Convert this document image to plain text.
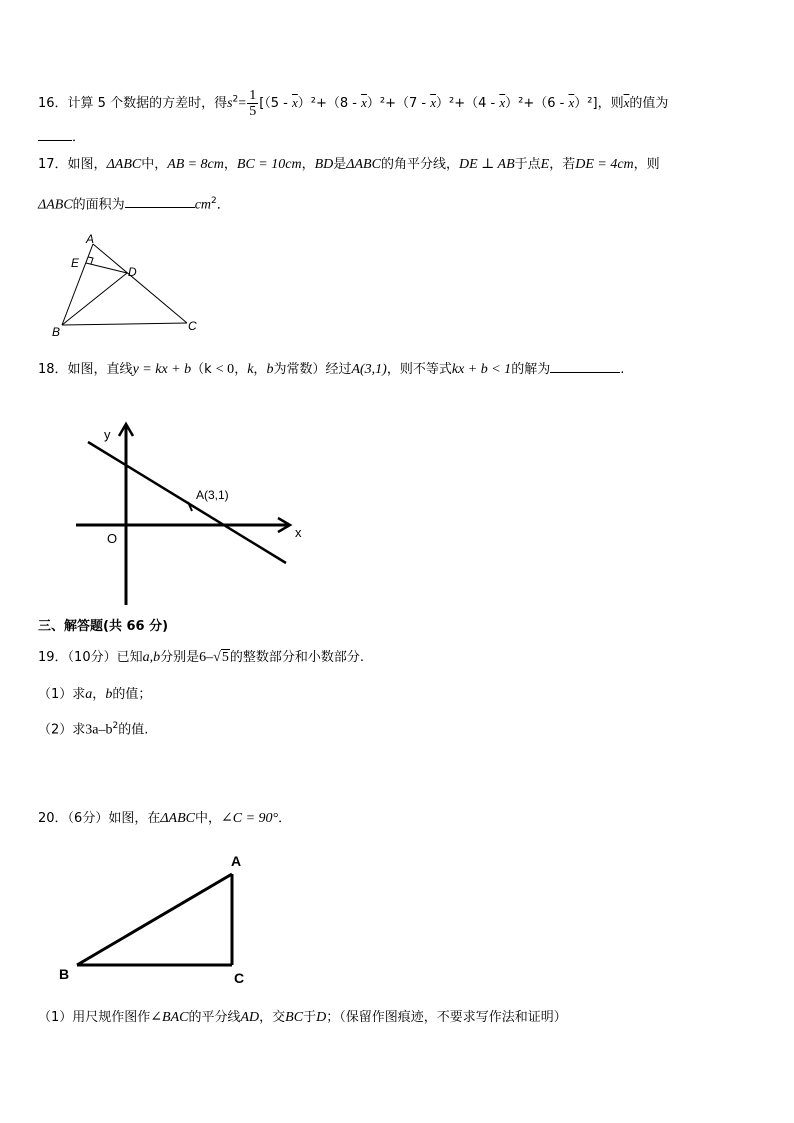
16．计算 5 个数据的方差时，得$s^2= \frac{1}{5} [(5 - \overline{x})^2+(8 - \overline{x})^2+(7 - \overline{x})^2+(4 - \overline{x})^2+(6 - \overline{x})^2]$，则$\overline{x}$的值为
．
17．如图，ΔABC中，AB = 8cm，BC = 10cm，BD是ΔABC的角平分线，DE ⊥ AB于点E，若DE = 4cm，则
ΔABC的面积为	$cm^2$．
A
E
D
B	C
18．如图，直线y = kx + b（k < 0，k，b为常数）经过A(3,1)，则不等式kx + b < 1的解为	.
y
x
O
A(3,1)
三、解答题(共 66 分)
19．（10分）已知a,b分别是6–√5的整数部分和小数部分.
（1）求a，b的值；
（2）求$3a-b^2$的值.
20．（6分）如图，在ΔABC中，∠C = 90°．
A
B	C
（1）用尺规作图作∠BAC的平分线AD，交BC于D；（保留作图痕迹，不要求写作法和证明）
